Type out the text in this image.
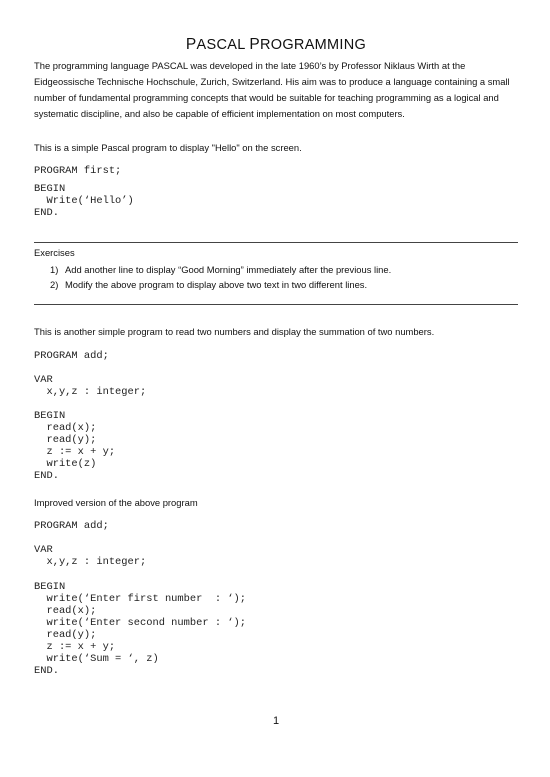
PASCAL PROGRAMMING

The programming language PASCAL was developed in the late 1960’s by Professor Niklaus Wirth at the Eidgeossische Technische Hochschule, Zurich, Switzerland. His aim was to produce a language containing a small number of fundamental programming concepts that would be suitable for teaching programming as a logical and systematic discipline, and also be capable of efficient implementation on most computers.

This is a simple Pascal program to display "Hello" on the screen.

PROGRAM first;
BEGIN
Write(‘Hello’)
END.
Exercises
1) Add another line to display “Good Morning” immediately after the previous line.
2) Modify the above program to display above two text in two different lines.

This is another simple program to read two numbers and display the summation of two numbers.

PROGRAM add;
VAR
x,y,z : integer;
BEGIN
read(x);
read(y);
z := x + y;
write(z)
END.

Improved version of the above program

PROGRAM add;
VAR
x,y,z : integer;
BEGIN
write(‘Enter first number  : ‘);
read(x);
write(‘Enter second number : ‘);
read(y);
z := x + y;
write(‘Sum = ‘, z)
END.
1
